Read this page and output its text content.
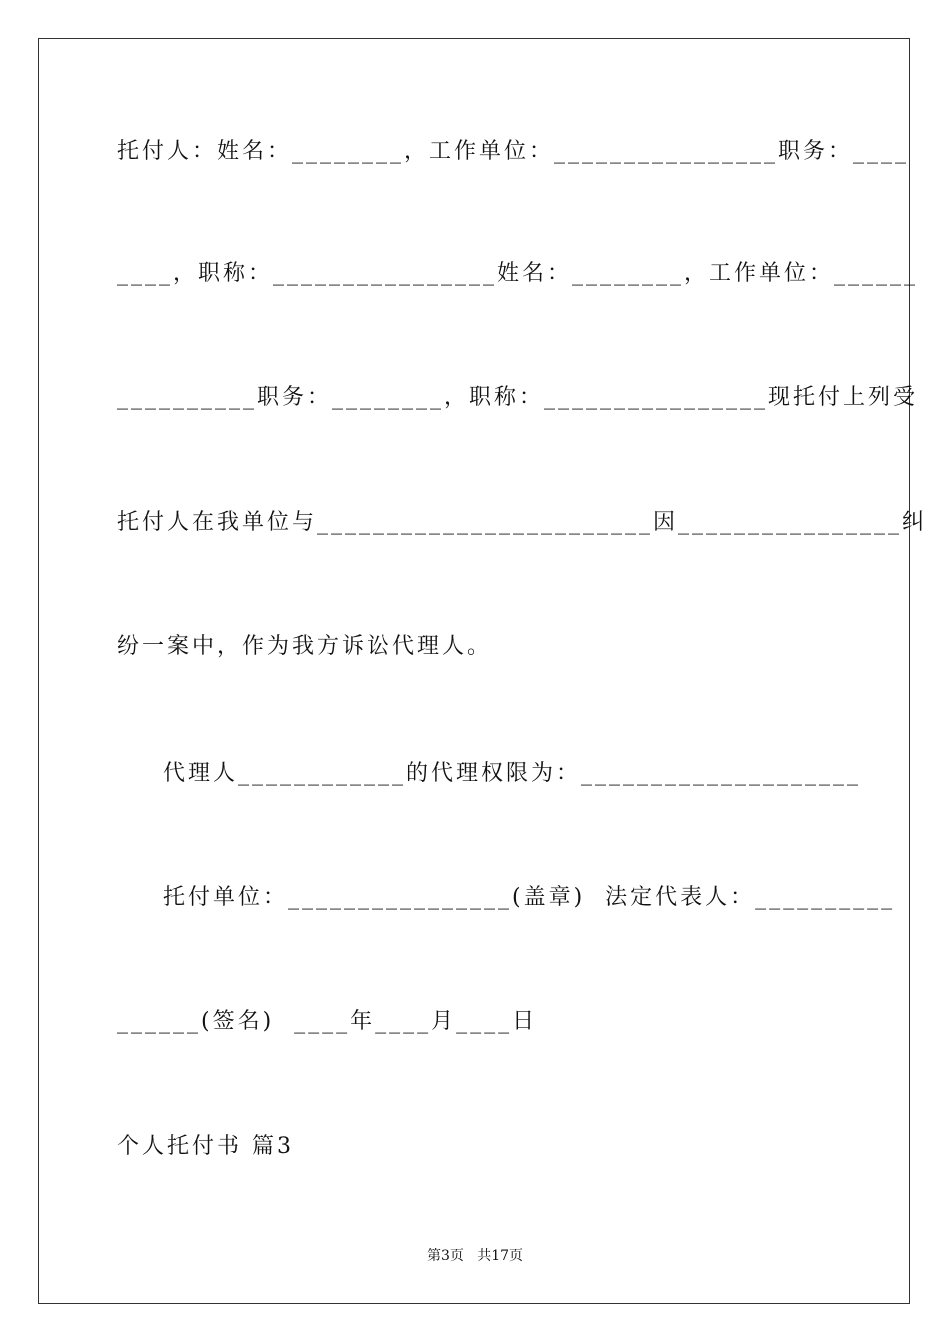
托付人：姓名：________，工作单位：________________职务：____
____，职称：________________姓名：________，工作单位：______
__________职务：________，职称：________________现托付上列受
托付人在我单位与________________________因________________纠
纷一案中，作为我方诉讼代理人。
代理人____________的代理权限为：____________________
托付单位：________________(盖章)  法定代表人：__________
______(签名)  ____年____月____日
个人托付书 篇3
第3页   共17页
